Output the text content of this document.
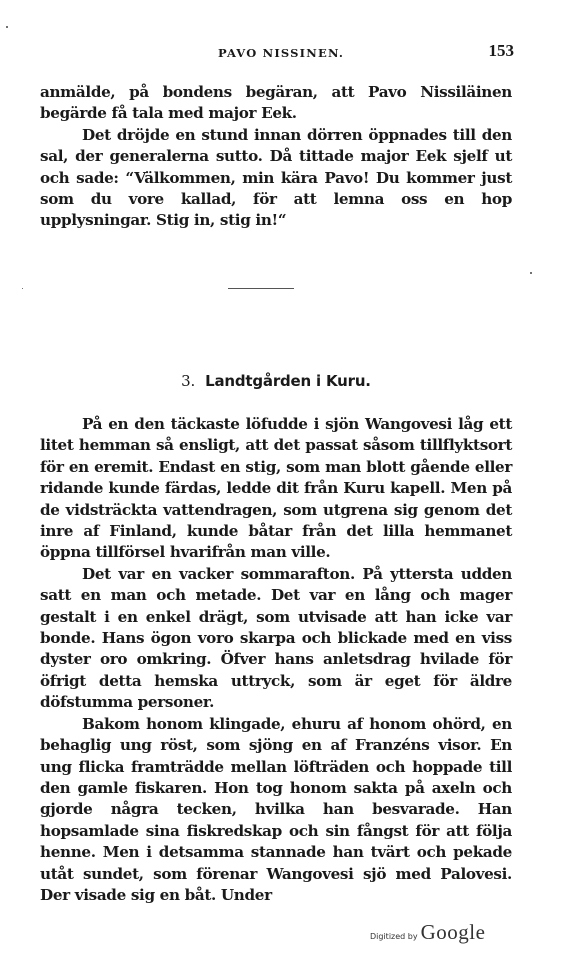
PAVO NISSINEN.	153

anmälde, på bondens begäran, att Pavo Nissiläinen begärde få tala med major Eek.

Det dröjde en stund innan dörren öppnades till den sal, der generalerna sutto. Då tittade major Eek sjelf ut och sade: “Välkommen, min kära Pavo! Du kommer just som du vore kallad, för att lemna oss en hop upplysningar. Stig in, stig in!“

3. Landtgården i Kuru.

På en den täckaste löfudde i sjön Wangovesi låg ett litet hemman så ensligt, att det passat såsom tillflyktsort för en eremit. Endast en stig, som man blott gående eller ridande kunde färdas, ledde dit från Kuru kapell. Men på de vidsträckta vattendragen, som utgrena sig genom det inre af Finland, kunde båtar från det lilla hemmanet öppna tillförsel hvarifrån man ville.

Det var en vacker sommarafton. På yttersta udden satt en man och metade. Det var en lång och mager gestalt i en enkel drägt, som utvisade att han icke var bonde. Hans ögon voro skarpa och blickade med en viss dyster oro omkring. Öfver hans anletsdrag hvilade för öfrigt detta hemska uttryck, som är eget för äldre döfstumma personer.

Bakom honom klingade, ehuru af honom ohörd, en behaglig ung röst, som sjöng en af Franzéns visor. En ung flicka framträdde mellan löfträden och hoppade till den gamle fiskaren. Hon tog honom sakta på axeln och gjorde några tecken, hvilka han besvarade. Han hopsamlade sina fiskredskap och sin fångst för att följa henne. Men i detsamma stannade han tvärt och pekade utåt sundet, som förenar Wangovesi sjö med Palovesi. Der visade sig en båt. Under

Digitized by Google
